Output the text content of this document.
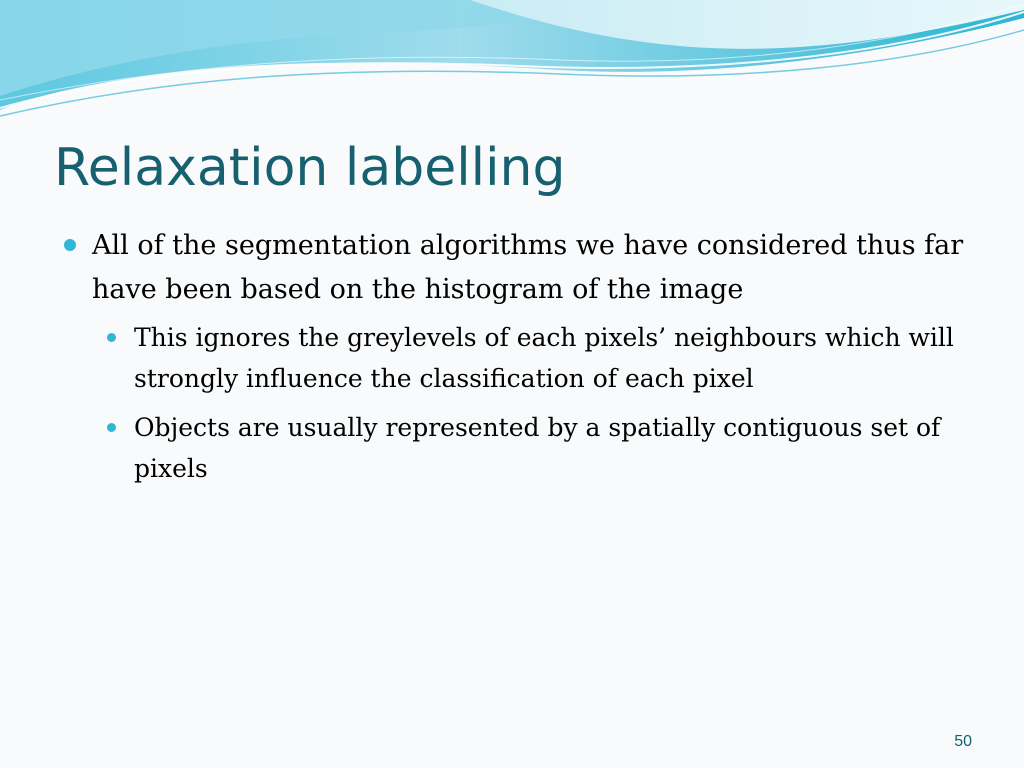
Relaxation labelling
All of the segmentation algorithms we have considered thus far have been based on the histogram of the image
This ignores the greylevels of each pixels’ neighbours which will strongly influence the classification of each pixel
Objects are usually represented by a spatially contiguous set of pixels
50
